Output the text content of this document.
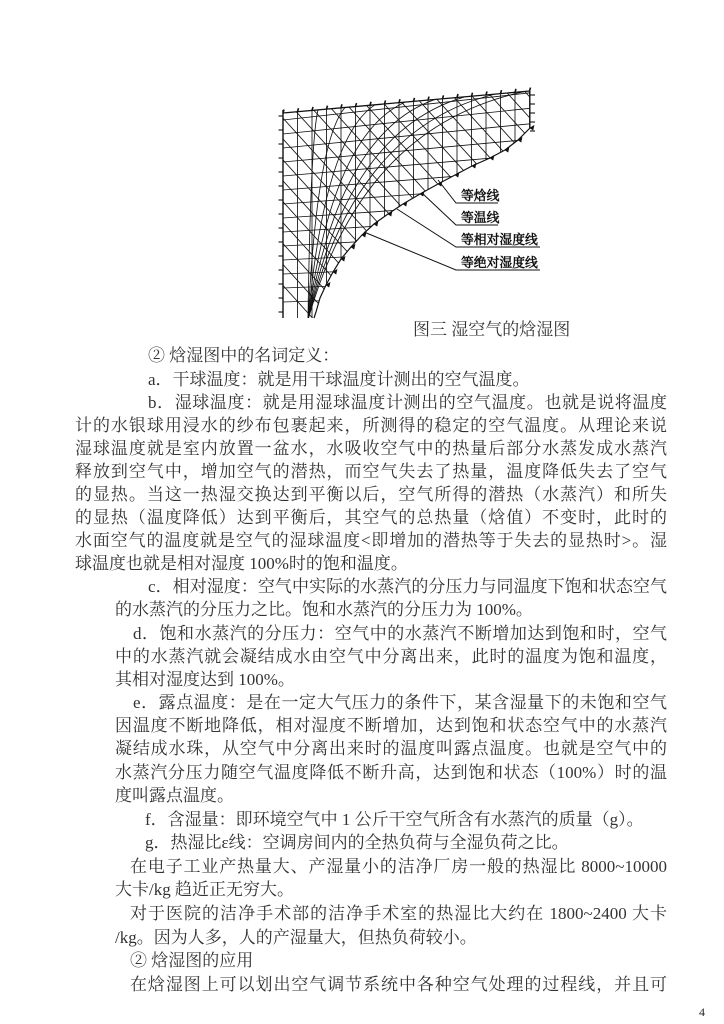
等焓线
等温线
等相对湿度线
等绝对湿度线
图三 湿空气的焓湿图
② 焓湿图中的名词定义：
a．干球温度：就是用干球温度计测出的空气温度。
b．湿球温度：就是用湿球温度计测出的空气温度。也就是说将温度
计的水银球用浸水的纱布包裹起来，所测得的稳定的空气温度。从理论来说
湿球温度就是室内放置一盆水，水吸收空气中的热量后部分水蒸发成水蒸汽
释放到空气中，增加空气的潜热，而空气失去了热量，温度降低失去了空气
的显热。当这一热湿交换达到平衡以后，空气所得的潜热（水蒸汽）和所失
的显热（温度降低）达到平衡后，其空气的总热量（焓值）不变时，此时的
水面空气的温度就是空气的湿球温度<即增加的潜热等于失去的显热时>。湿
球温度也就是相对湿度 100%时的饱和温度。
c．相对湿度：空气中实际的水蒸汽的分压力与同温度下饱和状态空气
的水蒸汽的分压力之比。饱和水蒸汽的分压力为 100%。
d．饱和水蒸汽的分压力：空气中的水蒸汽不断增加达到饱和时，空气
中的水蒸汽就会凝结成水由空气中分离出来，此时的温度为饱和温度，
其相对湿度达到 100%。
e．露点温度：是在一定大气压力的条件下，某含湿量下的未饱和空气
因温度不断地降低，相对湿度不断增加，达到饱和状态空气中的水蒸汽
凝结成水珠，从空气中分离出来时的温度叫露点温度。也就是空气中的
水蒸汽分压力随空气温度降低不断升高，达到饱和状态（100%）时的温
度叫露点温度。
f．含湿量：即环境空气中 1 公斤干空气所含有水蒸汽的质量（g）。
g．热湿比ε线：空调房间内的全热负荷与全湿负荷之比。
在电子工业产热量大、产湿量小的洁净厂房一般的热湿比 8000~10000
大卡/kg 趋近正无穷大。
对于医院的洁净手术部的洁净手术室的热湿比大约在 1800~2400 大卡
/kg。因为人多，人的产湿量大，但热负荷较小。
② 焓湿图的应用
在焓湿图上可以划出空气调节系统中各种空气处理的过程线，并且可
4
